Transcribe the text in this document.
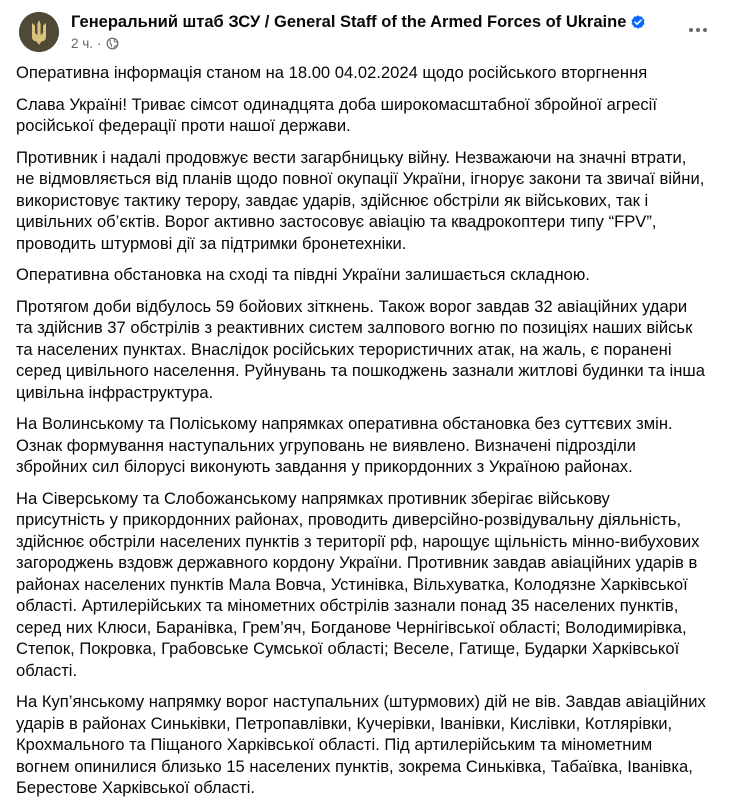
Генеральний штаб ЗСУ / General Staff of the Armed Forces of Ukraine
2 ч. ·

Оперативна інформація станом на 18.00 04.02.2024 щодо російського вторгнення

Слава Україні! Триває сімсот одинадцята доба широкомасштабної збройної агресії
російської федерації проти нашої держави.

Противник і надалі продовжує вести загарбницьку війну. Незважаючи на значні втрати,
не відмовляється від планів щодо повної окупації України, ігнорує закони та звичаї війни,
використовує тактику терору, завдає ударів, здійснює обстріли як військових, так і
цивільних об’єктів. Ворог активно застосовує авіацію та квадрокоптери типу “FPV”,
проводить штурмові дії за підтримки бронетехніки.

Оперативна обстановка на сході та півдні України залишається складною.

Протягом доби відбулось 59 бойових зіткнень. Також ворог завдав 32 авіаційних удари
та здійснив 37 обстрілів з реактивних систем залпового вогню по позиціях наших військ
та населених пунктах. Внаслідок російських терористичних атак, на жаль, є поранені
серед цивільного населення. Руйнувань та пошкоджень зазнали житлові будинки та інша
цивільна інфраструктура.

На Волинському та Поліському напрямках оперативна обстановка без суттєвих змін.
Ознак формування наступальних угруповань не виявлено. Визначені підрозділи
збройних сил білорусі виконують завдання у прикордонних з Україною районах.

На Сіверському та Слобожанському напрямках противник зберігає військову
присутність у прикордонних районах, проводить диверсійно-розвідувальну діяльність,
здійснює обстріли населених пунктів з території рф, нарощує щільність мінно-вибухових
загороджень вздовж державного кордону України. Противник завдав авіаційних ударів в
районах населених пунктів Мала Вовча, Устинівка, Вільхуватка, Колодязне Харківської
області. Артилерійських та мінометних обстрілів зазнали понад 35 населених пунктів,
серед них Клюси, Баранівка, Грем’яч, Богданове Чернігівської області; Володимирівка,
Степок, Покровка, Грабовське Сумської області; Веселе, Гатище, Бударки Харківської
області.

На Куп’янському напрямку ворог наступальних (штурмових) дій не вів. Завдав авіаційних
ударів в районах Синьківки, Петропавлівки, Кучерівки, Іванівки, Кислівки, Котлярівки,
Крохмального та Піщаного Харківської області. Під артилерійським та мінометним
вогнем опинилися близько 15 населених пунктів, зокрема Синьківка, Табаївка, Іванівка,
Берестове Харківської області.
